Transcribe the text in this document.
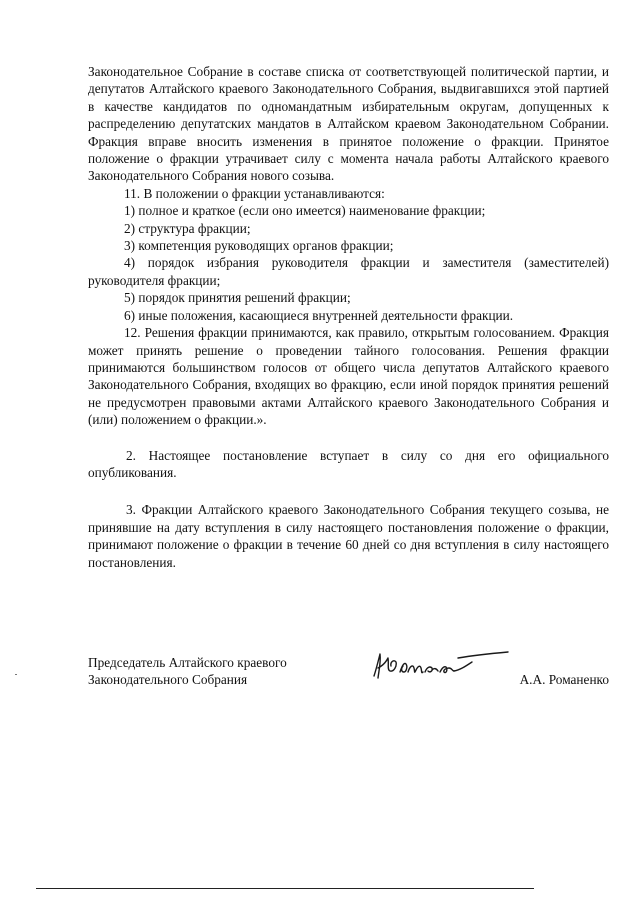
Законодательное Собрание в составе списка от соответствующей политической партии, и депутатов Алтайского краевого Законодательного Собрания, выдвигавшихся этой партией в качестве кандидатов по одномандатным избирательным округам, допущенных к распределению депутатских мандатов в Алтайском краевом Законодательном Собрании. Фракция вправе вносить изменения в принятое положение о фракции. Принятое положение о фракции утрачивает силу с момента начала работы Алтайского краевого Законодательного Собрания нового созыва.

11. В положении о фракции устанавливаются:

1) полное и краткое (если оно имеется) наименование фракции;

2) структура фракции;

3) компетенция руководящих органов фракции;

4) порядок избрания руководителя фракции и заместителя (заместителей) руководителя фракции;

5) порядок принятия решений фракции;

6) иные положения, касающиеся внутренней деятельности фракции.

12. Решения фракции принимаются, как правило, открытым голосованием. Фракция может принять решение о проведении тайного голосования. Решения фракции принимаются большинством голосов от общего числа депутатов Алтайского краевого Законодательного Собрания, входящих во фракцию, если иной порядок принятия решений не предусмотрен правовыми актами Алтайского краевого Законодательного Собрания и (или) положением о фракции.».

2. Настоящее постановление вступает в силу со дня его официального опубликования.

3. Фракции Алтайского краевого Законодательного Собрания текущего созыва, не принявшие на дату вступления в силу настоящего постановления положение о фракции, принимают положение о фракции в течение 60 дней со дня вступления в силу настоящего постановления.

Председатель Алтайского краевого
Законодательного Собрания	А.А. Романенко
